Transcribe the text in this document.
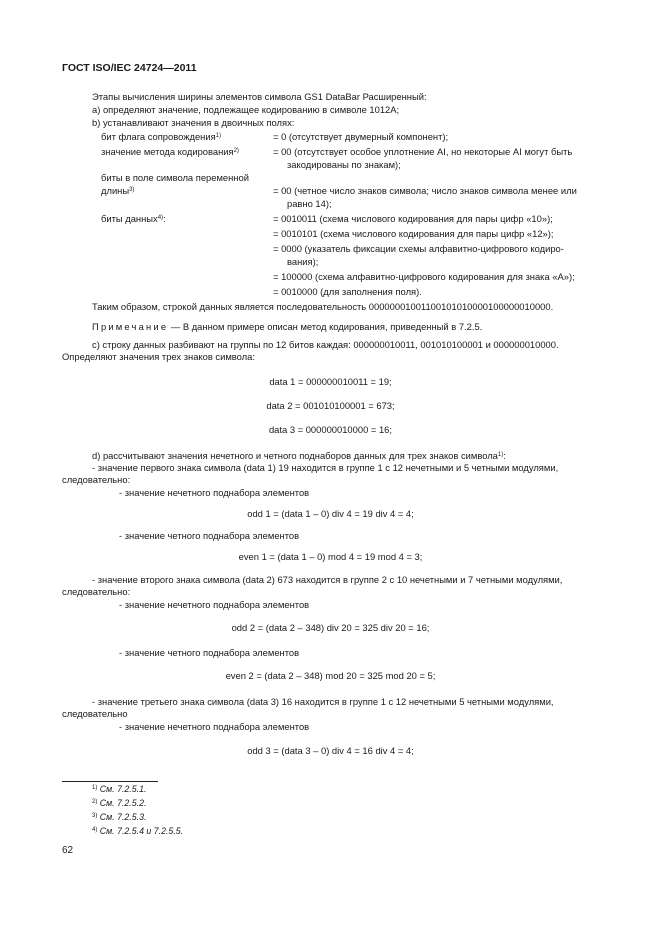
ГОСТ ISO/IEC 24724—2011
Этапы вычисления ширины элементов символа GS1 DataBar Расширенный:
а) определяют значение, подлежащее кодированию в символе 1012A;
b) устанавливают значения в двоичных полях:
бит флага сопровождения$^{1)}$	= 0 (отсутствует двумерный компонент);
значение метода кодирования$^{2)}$	= 00 (отсутствует особое уплотнение AI, но некоторые AI могут быть
закодированы по знакам);
биты в поле символа переменной
длины$^{3)}$	= 00 (четное число знаков символа; число знаков символа менее или
равно 14);
биты данных$^{4)}$:	= 0010011 (схема числового кодирования для пары цифр «10»);
= 0010101 (схема числового кодирования для пары цифр «12»);
= 0000 (указатель фиксации схемы алфавитно-цифрового кодиро-
вания);
= 100000 (схема алфавитно-цифрового кодирования для знака «А»);
= 0010000 (для заполнения поля).
Таким образом, строкой данных является последовательность 00000001001100101010000100000010000.
Примечание — В данном примере описан метод кодирования, приведенный в 7.2.5.
c) строку данных разбивают на группы по 12 битов каждая: 000000010011, 001010100001 и 000000010000.
Определяют значения трех знаков символа:
data 1 = 000000010011 = 19;
data 2 = 001010100001 = 673;
data 3 = 000000010000 = 16;
d) рассчитывают значения нечетного и четного поднаборов данных для трех знаков символа$^{1)}$:
- значение первого знака символа (data 1) 19 находится в группе 1 с 12 нечетными и 5 четными модулями,
следовательно:
- значение нечетного поднабора элементов
odd 1 = (data 1 – 0) div 4 = 19 div 4 = 4;
- значение четного поднабора элементов
even 1 = (data 1 – 0) mod 4 = 19 mod 4 = 3;
- значение второго знака символа (data 2) 673 находится в группе 2 с 10 нечетными и 7 четными модулями,
следовательно:
- значение нечетного поднабора элементов
odd 2 = (data 2 – 348) div 20 = 325 div 20 = 16;
- значение четного поднабора элементов
even 2 = (data 2 – 348) mod 20 = 325 mod 20 = 5;
- значение третьего знака символа (data 3) 16 находится в группе 1 с 12 нечетными 5 четными модулями,
следовательно
- значение нечетного поднабора элементов
odd 3 = (data 3 – 0) div 4 = 16 div 4 = 4;
$^{1)}$ См. 7.2.5.1.
$^{2)}$ См. 7.2.5.2.
$^{3)}$ См. 7.2.5.3.
$^{4)}$ См. 7.2.5.4 и 7.2.5.5.
62
